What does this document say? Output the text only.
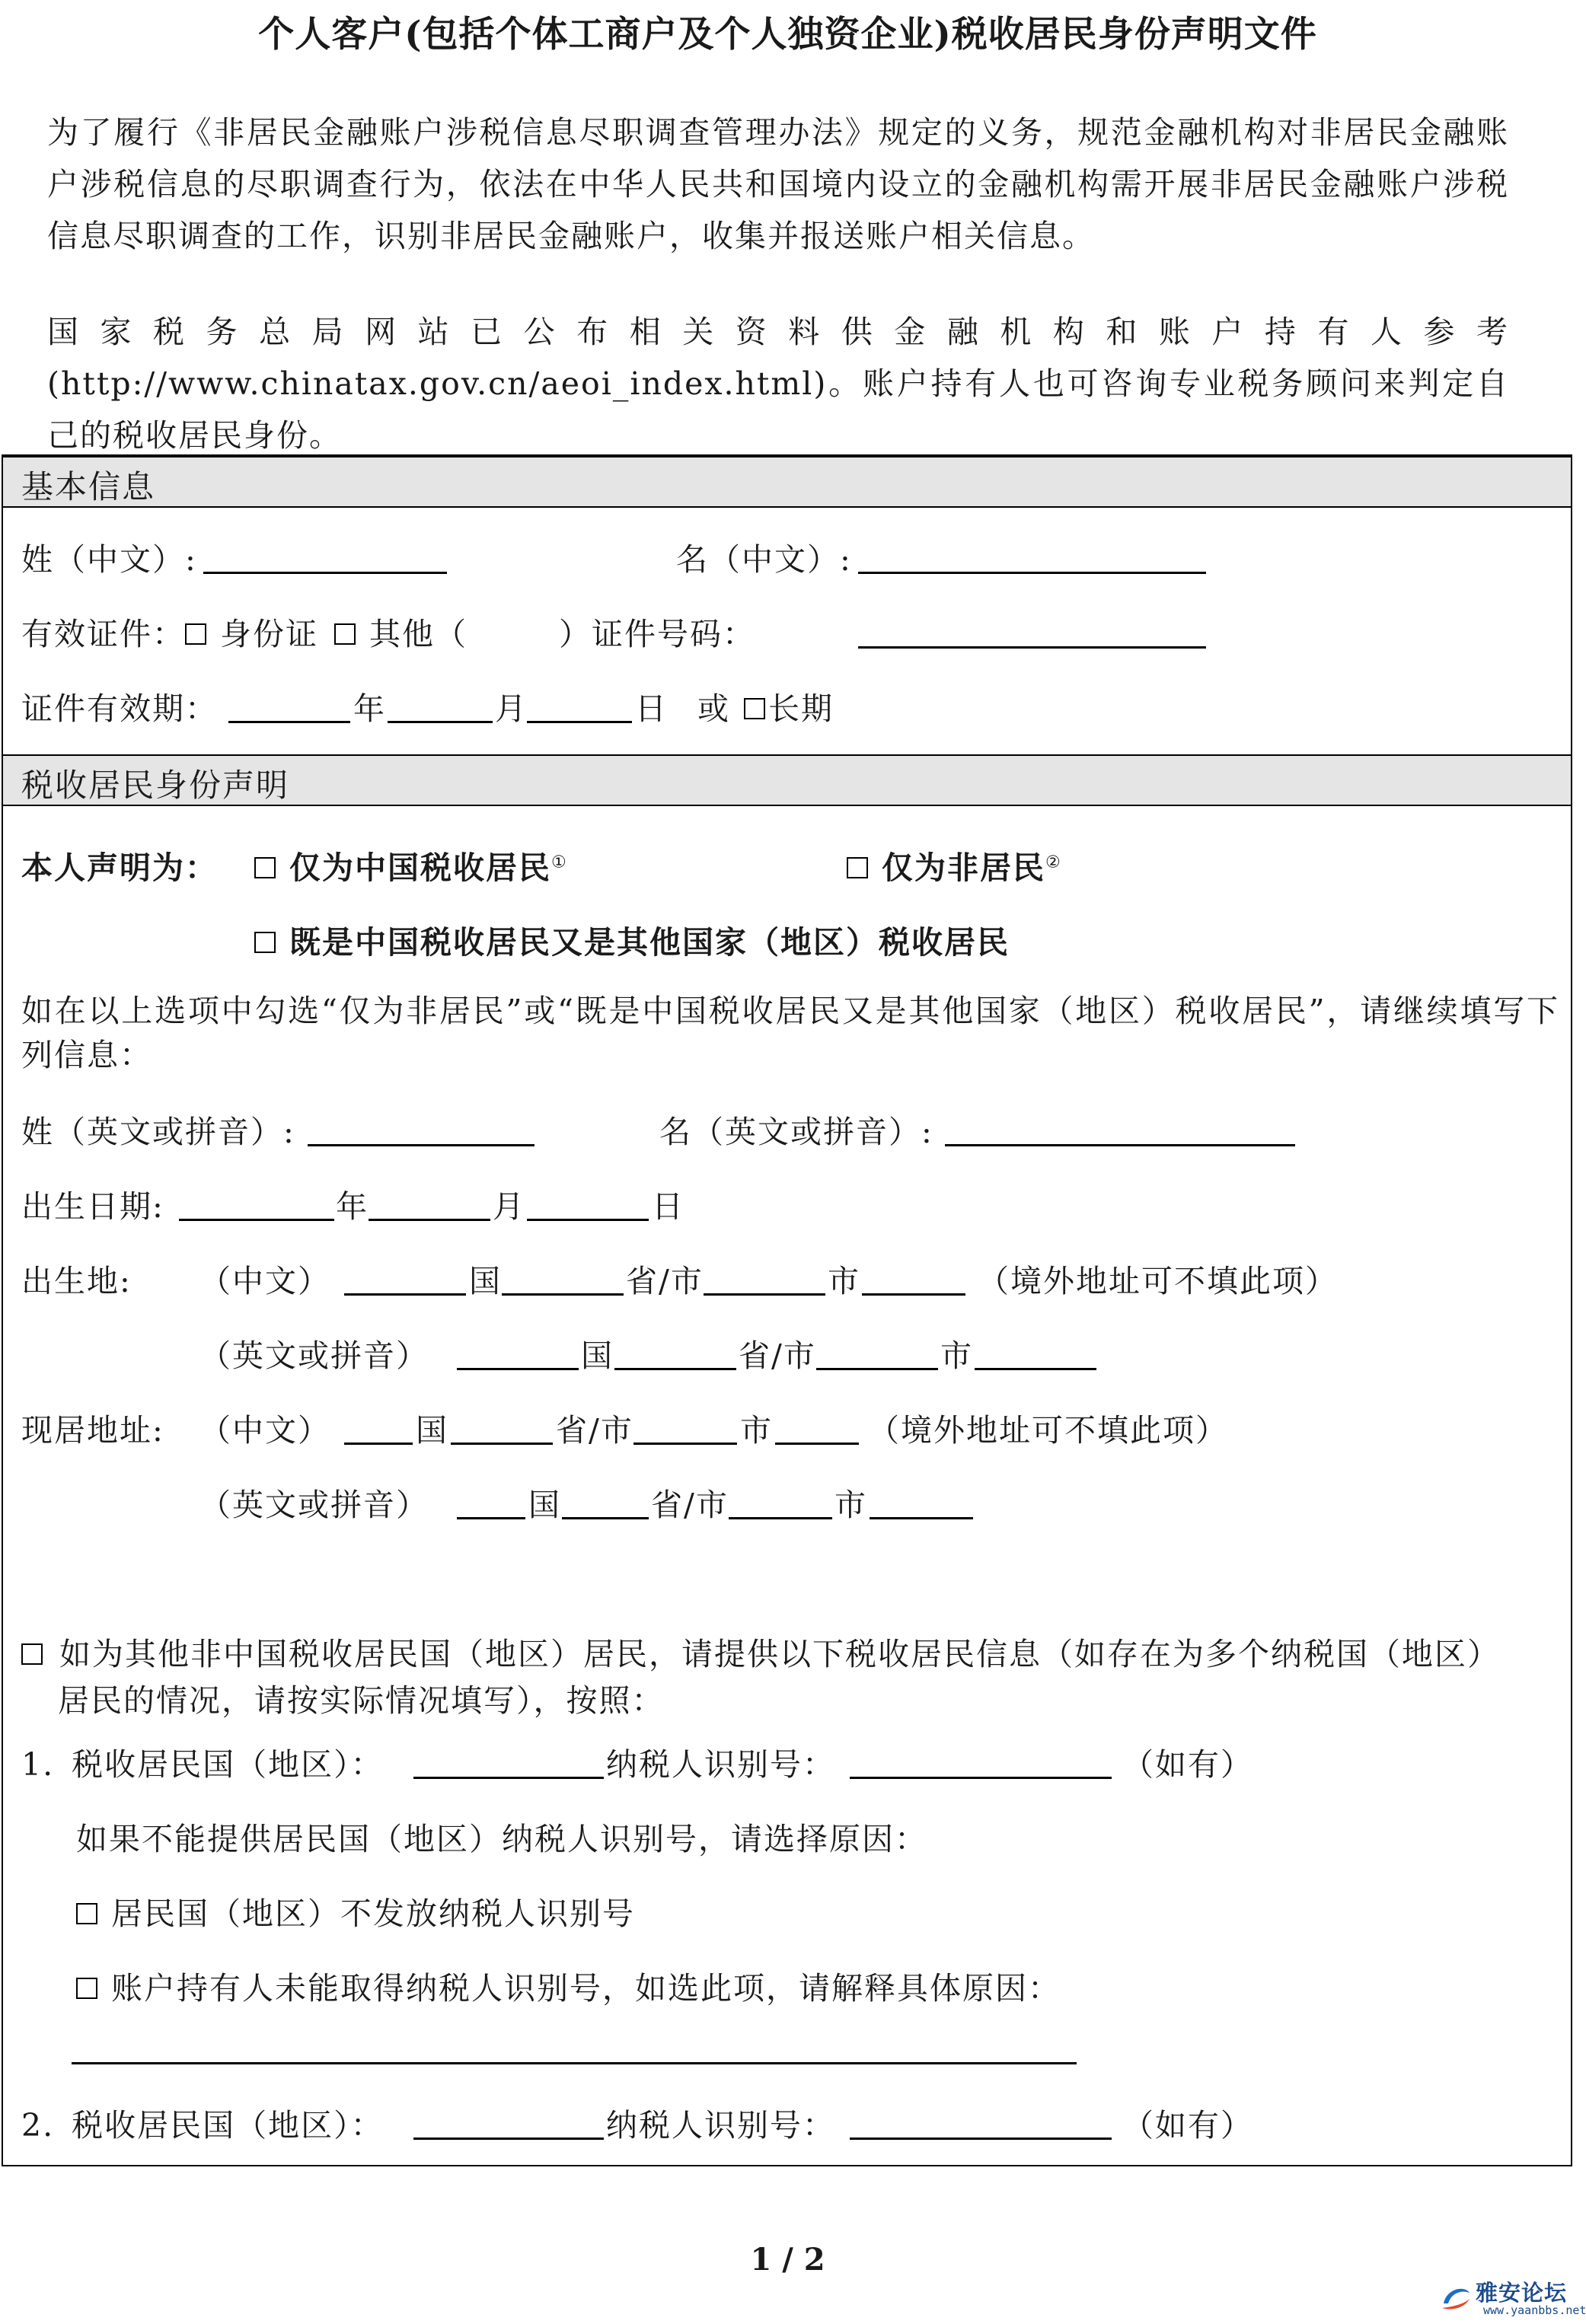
个人客户(包括个体工商户及个人独资企业)税收居民身份声明文件
为了履行《非居民金融账户涉税信息尽职调查管理办法》规定的义务，规范金融机构对非居民金融账户涉税信息的尽职调查行为，依法在中华人民共和国境内设立的金融机构需开展非居民金融账户涉税信息尽职调查的工作，识别非居民金融账户，收集并报送账户相关信息。
国家税务总局网站已公布相关资料供金融机构和账户持有人参考(http://www.chinatax.gov.cn/aeoi_index.html)。账户持有人也可咨询专业税务顾问来判定自己的税收居民身份。
基本信息
姓（中文）:	名（中文）:
有效证件： 身份证 其他（	）证件号码：
证件有效期：	年	月	日 或 长期
税收居民身份声明
本人声明为：	仅为中国税收居民①	仅为非居民②
既是中国税收居民又是其他国家（地区）税收居民
如在以上选项中勾选“仅为非居民”或“既是中国税收居民又是其他国家（地区）税收居民”，请继续填写下列信息：
姓（英文或拼音）:	名（英文或拼音）:
出生日期:	年	月	日
出生地: （中文）	国	省/市	市	（境外地址可不填此项）
（英文或拼音）	国	省/市	市
现居地址: （中文）	国	省/市	市	（境外地址可不填此项）
（英文或拼音）	国	省/市	市
如为其他非中国税收居民国（地区）居民，请提供以下税收居民信息（如存在为多个纳税国（地区）
居民的情况，请按实际情况填写），按照：
1. 税收居民国（地区）：	纳税人识别号：	（如有）
如果不能提供居民国（地区）纳税人识别号，请选择原因：
居民国（地区）不发放纳税人识别号
账户持有人未能取得纳税人识别号，如选此项，请解释具体原因：
2. 税收居民国（地区）：	纳税人识别号：	（如有）
1 / 2
雅安论坛
www.yaanbbs.net
